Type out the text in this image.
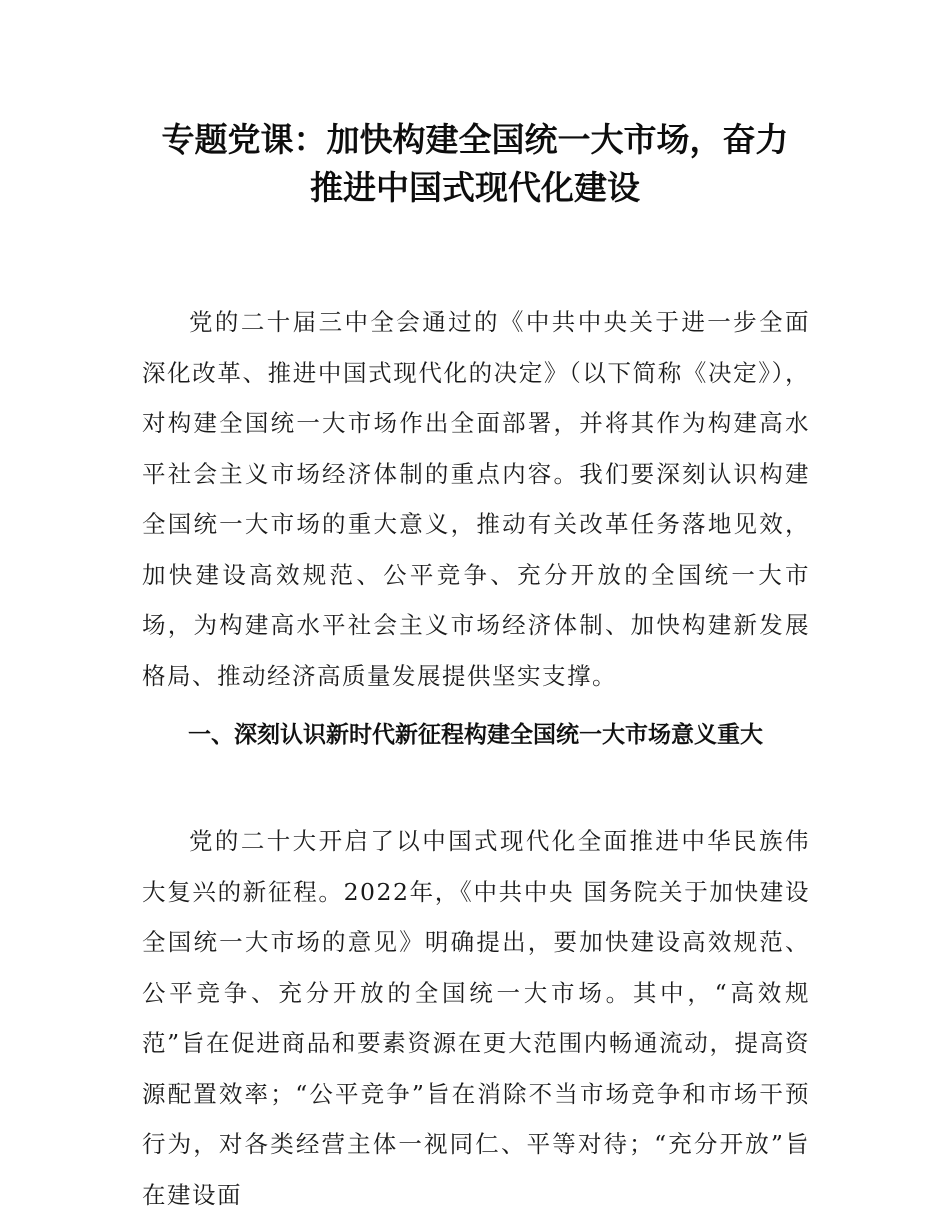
专题党课：加快构建全国统一大市场，奋力
推进中国式现代化建设

党的二十届三中全会通过的《中共中央关于进一步全面深化改革、推进中国式现代化的决定》（以下简称《决定》），对构建全国统一大市场作出全面部署，并将其作为构建高水平社会主义市场经济体制的重点内容。我们要深刻认识构建全国统一大市场的重大意义，推动有关改革任务落地见效，加快建设高效规范、公平竞争、充分开放的全国统一大市场，为构建高水平社会主义市场经济体制、加快构建新发展格局、推动经济高质量发展提供坚实支撑。

一、深刻认识新时代新征程构建全国统一大市场意义重大

党的二十大开启了以中国式现代化全面推进中华民族伟大复兴的新征程。2022年，《中共中央 国务院关于加快建设全国统一大市场的意见》明确提出，要加快建设高效规范、公平竞争、充分开放的全国统一大市场。其中，“高效规范”旨在促进商品和要素资源在更大范围内畅通流动，提高资源配置效率；“公平竞争”旨在消除不当市场竞争和市场干预行为，对各类经营主体一视同仁、平等对待；“充分开放”旨在建设面
